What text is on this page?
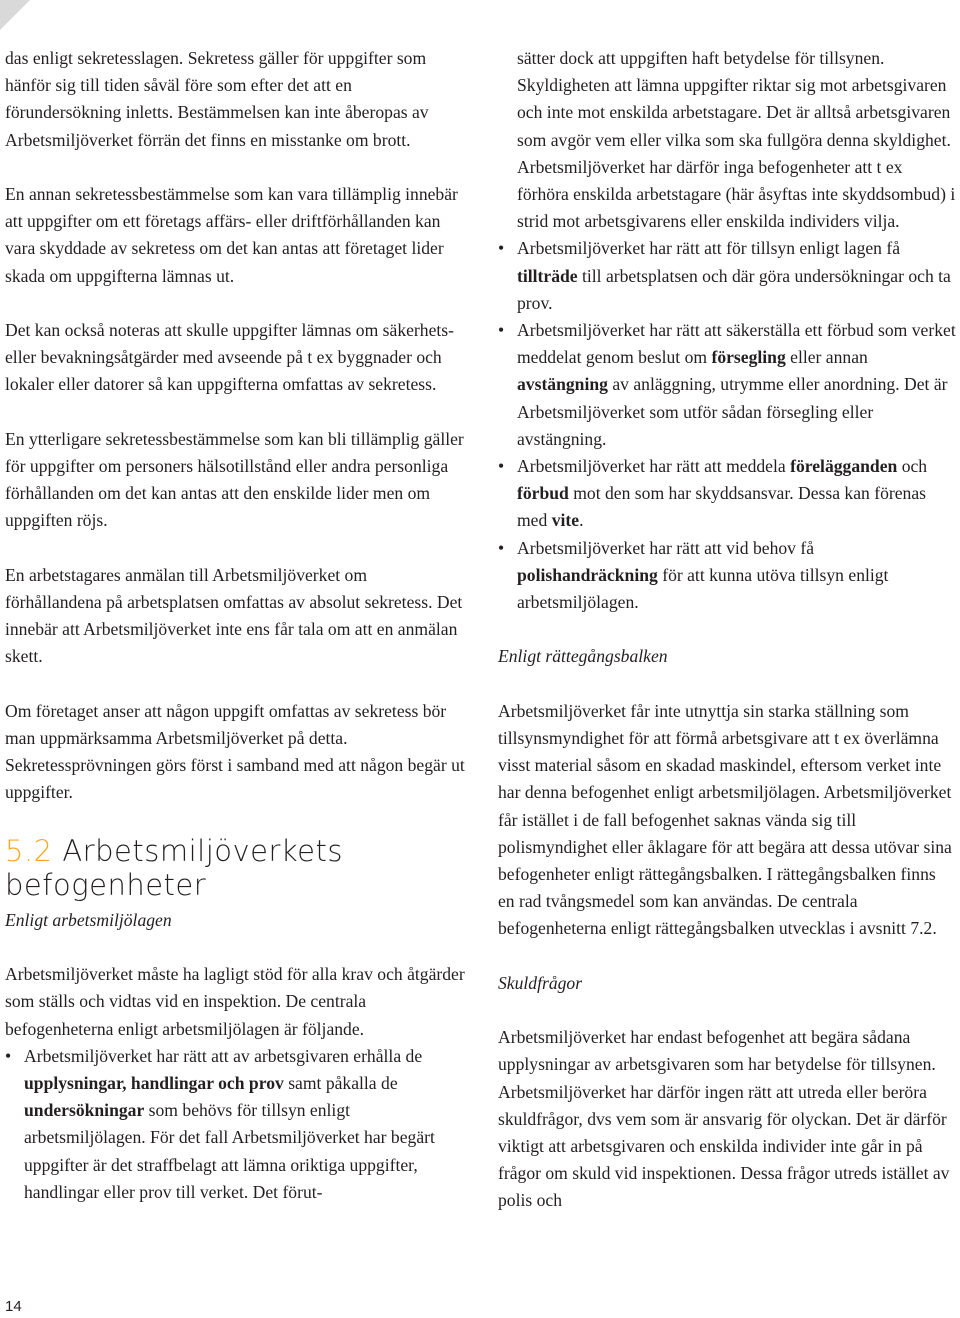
das enligt sekretesslagen. Sekretess gäller för uppgifter som hänför sig till tiden såväl före som efter det att en förundersökning inletts. Bestämmelsen kan inte åberopas av Arbetsmiljöverket förrän det finns en misstanke om brott.

En annan sekretessbestämmelse som kan vara tillämplig innebär att uppgifter om ett företags affärs- eller driftförhållanden kan vara skyddade av sekretess om det kan antas att företaget lider skada om uppgifterna lämnas ut.

Det kan också noteras att skulle uppgifter lämnas om säkerhets- eller bevakningsåtgärder med avseende på t ex byggnader och lokaler eller datorer så kan uppgifterna omfattas av sekretess.

En ytterligare sekretessbestämmelse som kan bli tillämplig gäller för uppgifter om personers hälsotillstånd eller andra personliga förhållanden om det kan antas att den enskilde lider men om uppgiften röjs.

En arbetstagares anmälan till Arbetsmiljöverket om förhållandena på arbetsplatsen omfattas av absolut sekretess. Det innebär att Arbetsmiljöverket inte ens får tala om att en anmälan skett.

Om företaget anser att någon uppgift omfattas av sekretess bör man uppmärksamma Arbetsmiljöverket på detta. Sekretessprövningen görs först i samband med att någon begär ut uppgifter.

5.2 Arbetsmiljöverkets befogenheter

Enligt arbetsmiljölagen

Arbetsmiljöverket måste ha lagligt stöd för alla krav och åtgärder som ställs och vidtas vid en inspektion. De centrala befogenheterna enligt arbetsmiljölagen är följande.

• Arbetsmiljöverket har rätt att av arbetsgivaren erhålla de upplysningar, handlingar och prov samt påkalla de undersökningar som behövs för tillsyn enligt arbetsmiljölagen. För det fall Arbetsmiljöverket har begärt uppgifter är det straffbelagt att lämna oriktiga uppgifter, handlingar eller prov till verket. Det förut-

sätter dock att uppgiften haft betydelse för tillsynen. Skyldigheten att lämna uppgifter riktar sig mot arbetsgivaren och inte mot enskilda arbetstagare. Det är alltså arbetsgivaren som avgör vem eller vilka som ska fullgöra denna skyldighet. Arbetsmiljöverket har därför inga befogenheter att t ex förhöra enskilda arbetstagare (här åsyftas inte skyddsombud) i strid mot arbetsgivarens eller enskilda individers vilja.

• Arbetsmiljöverket har rätt att för tillsyn enligt lagen få tillträde till arbetsplatsen och där göra undersökningar och ta prov.
• Arbetsmiljöverket har rätt att säkerställa ett förbud som verket meddelat genom beslut om försegling eller annan avstängning av anläggning, utrymme eller anordning. Det är Arbetsmiljöverket som utför sådan försegling eller avstängning.
• Arbetsmiljöverket har rätt att meddela förelägganden och förbud mot den som har skyddsansvar. Dessa kan förenas med vite.
• Arbetsmiljöverket har rätt att vid behov få polishandräckning för att kunna utöva tillsyn enligt arbetsmiljölagen.

Enligt rättegångsbalken

Arbetsmiljöverket får inte utnyttja sin starka ställning som tillsynsmyndighet för att förmå arbetsgivare att t ex överlämna visst material såsom en skadad maskindel, eftersom verket inte har denna befogenhet enligt arbetsmiljölagen. Arbetsmiljöverket får istället i de fall befogenhet saknas vända sig till polismyndighet eller åklagare för att begära att dessa utövar sina befogenheter enligt rättegångsbalken. I rättegångsbalken finns en rad tvångsmedel som kan användas. De centrala befogenheterna enligt rättegångsbalken utvecklas i avsnitt 7.2.

Skuldfrågor

Arbetsmiljöverket har endast befogenhet att begära sådana upplysningar av arbetsgivaren som har betydelse för tillsynen. Arbetsmiljöverket har därför ingen rätt att utreda eller beröra skuldfrågor, dvs vem som är ansvarig för olyckan. Det är därför viktigt att arbetsgivaren och enskilda individer inte går in på frågor om skuld vid inspektionen. Dessa frågor utreds istället av polis och

14
